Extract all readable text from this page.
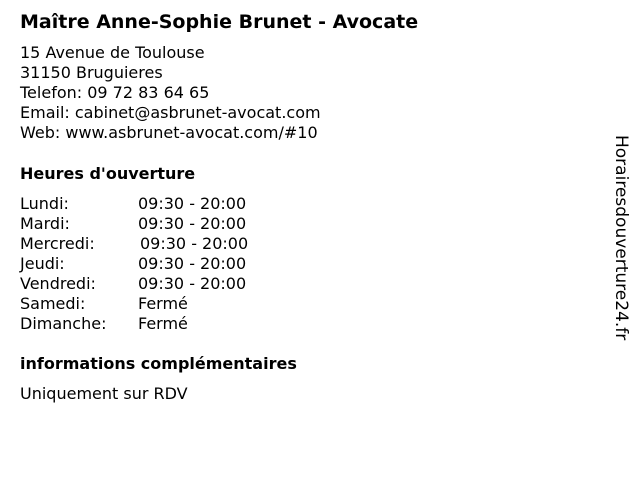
Maître Anne-Sophie Brunet - Avocate
15 Avenue de Toulouse
31150 Bruguieres
Telefon: 09 72 83 64 65
Email: cabinet@asbrunet-avocat.com
Web: www.asbrunet-avocat.com/#10
Heures d'ouverture
Lundi:	09:30 - 20:00
Mardi:	09:30 - 20:00
Mercredi:	09:30 - 20:00
Jeudi:	09:30 - 20:00
Vendredi:	09:30 - 20:00
Samedi:	Fermé
Dimanche: Fermé
informations complémentaires
Uniquement sur RDV
Horairesdouverture24.fr
